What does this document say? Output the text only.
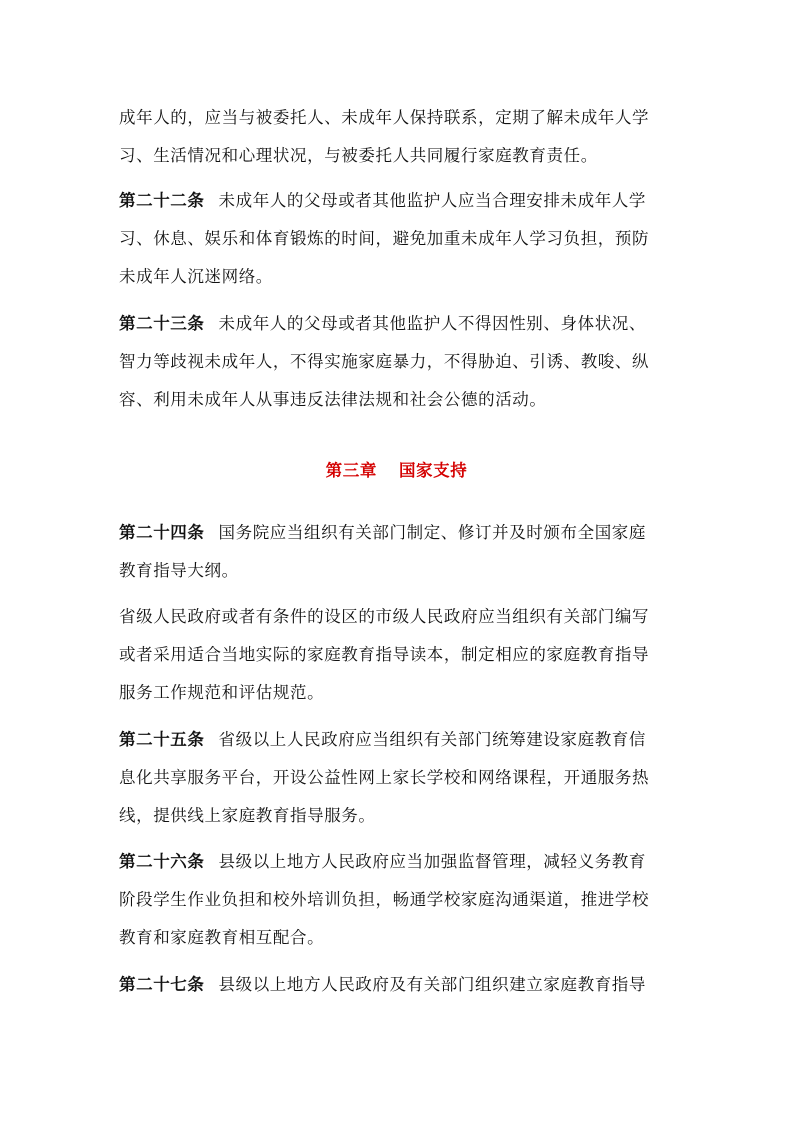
成年人的，应当与被委托人、未成年人保持联系，定期了解未成年人学习、生活情况和心理状况，与被委托人共同履行家庭教育责任。

第二十二条 未成年人的父母或者其他监护人应当合理安排未成年人学习、休息、娱乐和体育锻炼的时间，避免加重未成年人学习负担，预防未成年人沉迷网络。

第二十三条 未成年人的父母或者其他监护人不得因性别、身体状况、智力等歧视未成年人，不得实施家庭暴力，不得胁迫、引诱、教唆、纵容、利用未成年人从事违反法律法规和社会公德的活动。

第三章 国家支持

第二十四条 国务院应当组织有关部门制定、修订并及时颁布全国家庭教育指导大纲。

省级人民政府或者有条件的设区的市级人民政府应当组织有关部门编写或者采用适合当地实际的家庭教育指导读本，制定相应的家庭教育指导服务工作规范和评估规范。

第二十五条 省级以上人民政府应当组织有关部门统筹建设家庭教育信息化共享服务平台，开设公益性网上家长学校和网络课程，开通服务热线，提供线上家庭教育指导服务。

第二十六条 县级以上地方人民政府应当加强监督管理，减轻义务教育阶段学生作业负担和校外培训负担，畅通学校家庭沟通渠道，推进学校教育和家庭教育相互配合。

第二十七条 县级以上地方人民政府及有关部门组织建立家庭教育指导
